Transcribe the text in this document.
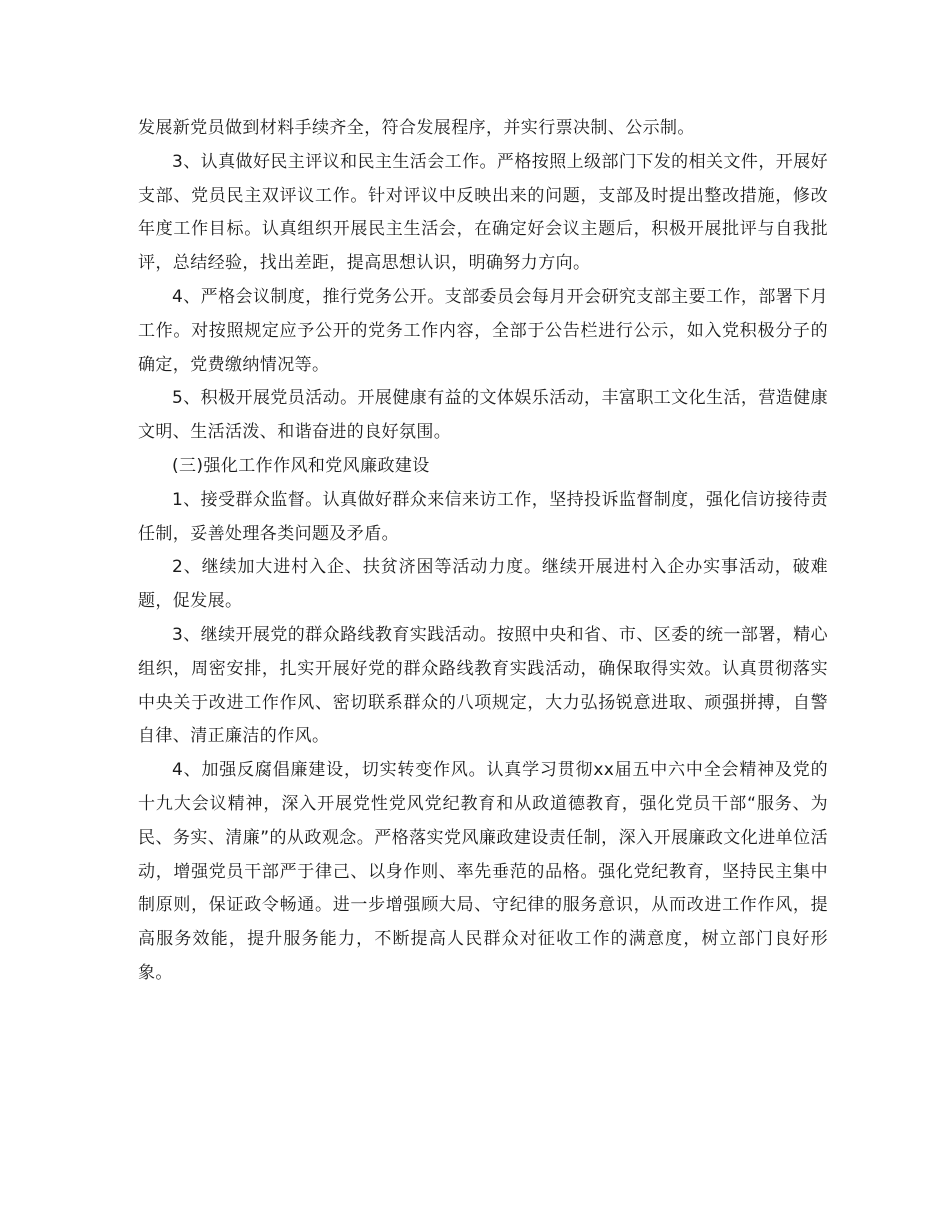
发展新党员做到材料手续齐全，符合发展程序，并实行票决制、公示制。

3、认真做好民主评议和民主生活会工作。严格按照上级部门下发的相关文件，开展好支部、党员民主双评议工作。针对评议中反映出来的问题，支部及时提出整改措施，修改年度工作目标。认真组织开展民主生活会，在确定好会议主题后，积极开展批评与自我批评，总结经验，找出差距，提高思想认识，明确努力方向。

4、严格会议制度，推行党务公开。支部委员会每月开会研究支部主要工作，部署下月工作。对按照规定应予公开的党务工作内容，全部于公告栏进行公示，如入党积极分子的确定，党费缴纳情况等。

5、积极开展党员活动。开展健康有益的文体娱乐活动，丰富职工文化生活，营造健康文明、生活活泼、和谐奋进的良好氛围。

(三)强化工作作风和党风廉政建设

1、接受群众监督。认真做好群众来信来访工作，坚持投诉监督制度，强化信访接待责任制，妥善处理各类问题及矛盾。

2、继续加大进村入企、扶贫济困等活动力度。继续开展进村入企办实事活动，破难题，促发展。

3、继续开展党的群众路线教育实践活动。按照中央和省、市、区委的统一部署，精心组织，周密安排，扎实开展好党的群众路线教育实践活动，确保取得实效。认真贯彻落实中央关于改进工作作风、密切联系群众的八项规定，大力弘扬锐意进取、顽强拼搏，自警自律、清正廉洁的作风。

4、加强反腐倡廉建设，切实转变作风。认真学习贯彻xx届五中六中全会精神及党的十九大会议精神，深入开展党性党风党纪教育和从政道德教育，强化党员干部“服务、为民、务实、清廉”的从政观念。严格落实党风廉政建设责任制，深入开展廉政文化进单位活动，增强党员干部严于律己、以身作则、率先垂范的品格。强化党纪教育，坚持民主集中制原则，保证政令畅通。进一步增强顾大局、守纪律的服务意识，从而改进工作作风，提高服务效能，提升服务能力，不断提高人民群众对征收工作的满意度，树立部门良好形象。
